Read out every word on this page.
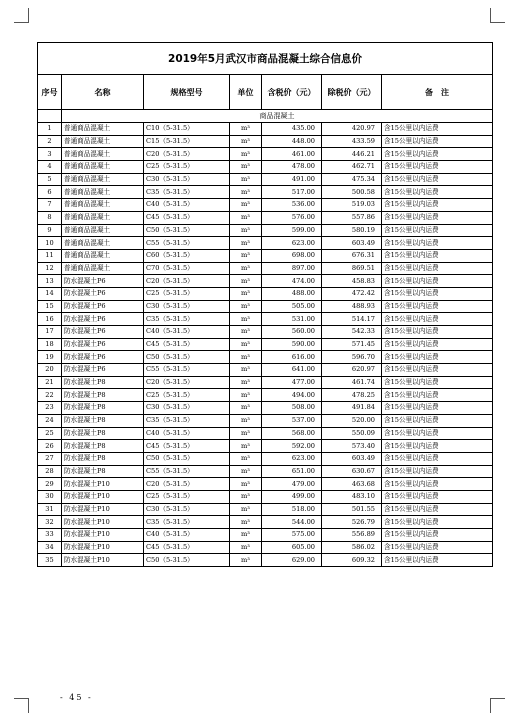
2019年5月武汉市商品混凝土综合信息价						
序号	名称	规格型号	单位	含税价（元）	除税价（元）	备　注
	商品混凝土					
1	普通商品混凝土	C10（5-31.5）	m³	435.00	420.97	含15公里以内运费
2	普通商品混凝土	C15（5-31.5）	m³	448.00	433.59	含15公里以内运费
3	普通商品混凝土	C20（5-31.5）	m³	461.00	446.21	含15公里以内运费
4	普通商品混凝土	C25（5-31.5）	m³	478.00	462.71	含15公里以内运费
5	普通商品混凝土	C30（5-31.5）	m³	491.00	475.34	含15公里以内运费
6	普通商品混凝土	C35（5-31.5）	m³	517.00	500.58	含15公里以内运费
7	普通商品混凝土	C40（5-31.5）	m³	536.00	519.03	含15公里以内运费
8	普通商品混凝土	C45（5-31.5）	m³	576.00	557.86	含15公里以内运费
9	普通商品混凝土	C50（5-31.5）	m³	599.00	580.19	含15公里以内运费
10	普通商品混凝土	C55（5-31.5）	m³	623.00	603.49	含15公里以内运费
11	普通商品混凝土	C60（5-31.5）	m³	698.00	676.31	含15公里以内运费
12	普通商品混凝土	C70（5-31.5）	m³	897.00	869.51	含15公里以内运费
13	防水混凝土P6	C20（5-31.5）	m³	474.00	458.83	含15公里以内运费
14	防水混凝土P6	C25（5-31.5）	m³	488.00	472.42	含15公里以内运费
15	防水混凝土P6	C30（5-31.5）	m³	505.00	488.93	含15公里以内运费
16	防水混凝土P6	C35（5-31.5）	m³	531.00	514.17	含15公里以内运费
17	防水混凝土P6	C40（5-31.5）	m³	560.00	542.33	含15公里以内运费
18	防水混凝土P6	C45（5-31.5）	m³	590.00	571.45	含15公里以内运费
19	防水混凝土P6	C50（5-31.5）	m³	616.00	596.70	含15公里以内运费
20	防水混凝土P6	C55（5-31.5）	m³	641.00	620.97	含15公里以内运费
21	防水混凝土P8	C20（5-31.5）	m³	477.00	461.74	含15公里以内运费
22	防水混凝土P8	C25（5-31.5）	m³	494.00	478.25	含15公里以内运费
23	防水混凝土P8	C30（5-31.5）	m³	508.00	491.84	含15公里以内运费
24	防水混凝土P8	C35（5-31.5）	m³	537.00	520.00	含15公里以内运费
25	防水混凝土P8	C40（5-31.5）	m³	568.00	550.09	含15公里以内运费
26	防水混凝土P8	C45（5-31.5）	m³	592.00	573.40	含15公里以内运费
27	防水混凝土P8	C50（5-31.5）	m³	623.00	603.49	含15公里以内运费
28	防水混凝土P8	C55（5-31.5）	m³	651.00	630.67	含15公里以内运费
29	防水混凝土P10	C20（5-31.5）	m³	479.00	463.68	含15公里以内运费
30	防水混凝土P10	C25（5-31.5）	m³	499.00	483.10	含15公里以内运费
31	防水混凝土P10	C30（5-31.5）	m³	518.00	501.55	含15公里以内运费
32	防水混凝土P10	C35（5-31.5）	m³	544.00	526.79	含15公里以内运费
33	防水混凝土P10	C40（5-31.5）	m³	575.00	556.89	含15公里以内运费
34	防水混凝土P10	C45（5-31.5）	m³	605.00	586.02	含15公里以内运费
35	防水混凝土P10	C50（5-31.5）	m³	629.00	609.32	含15公里以内运费
- 45 -
